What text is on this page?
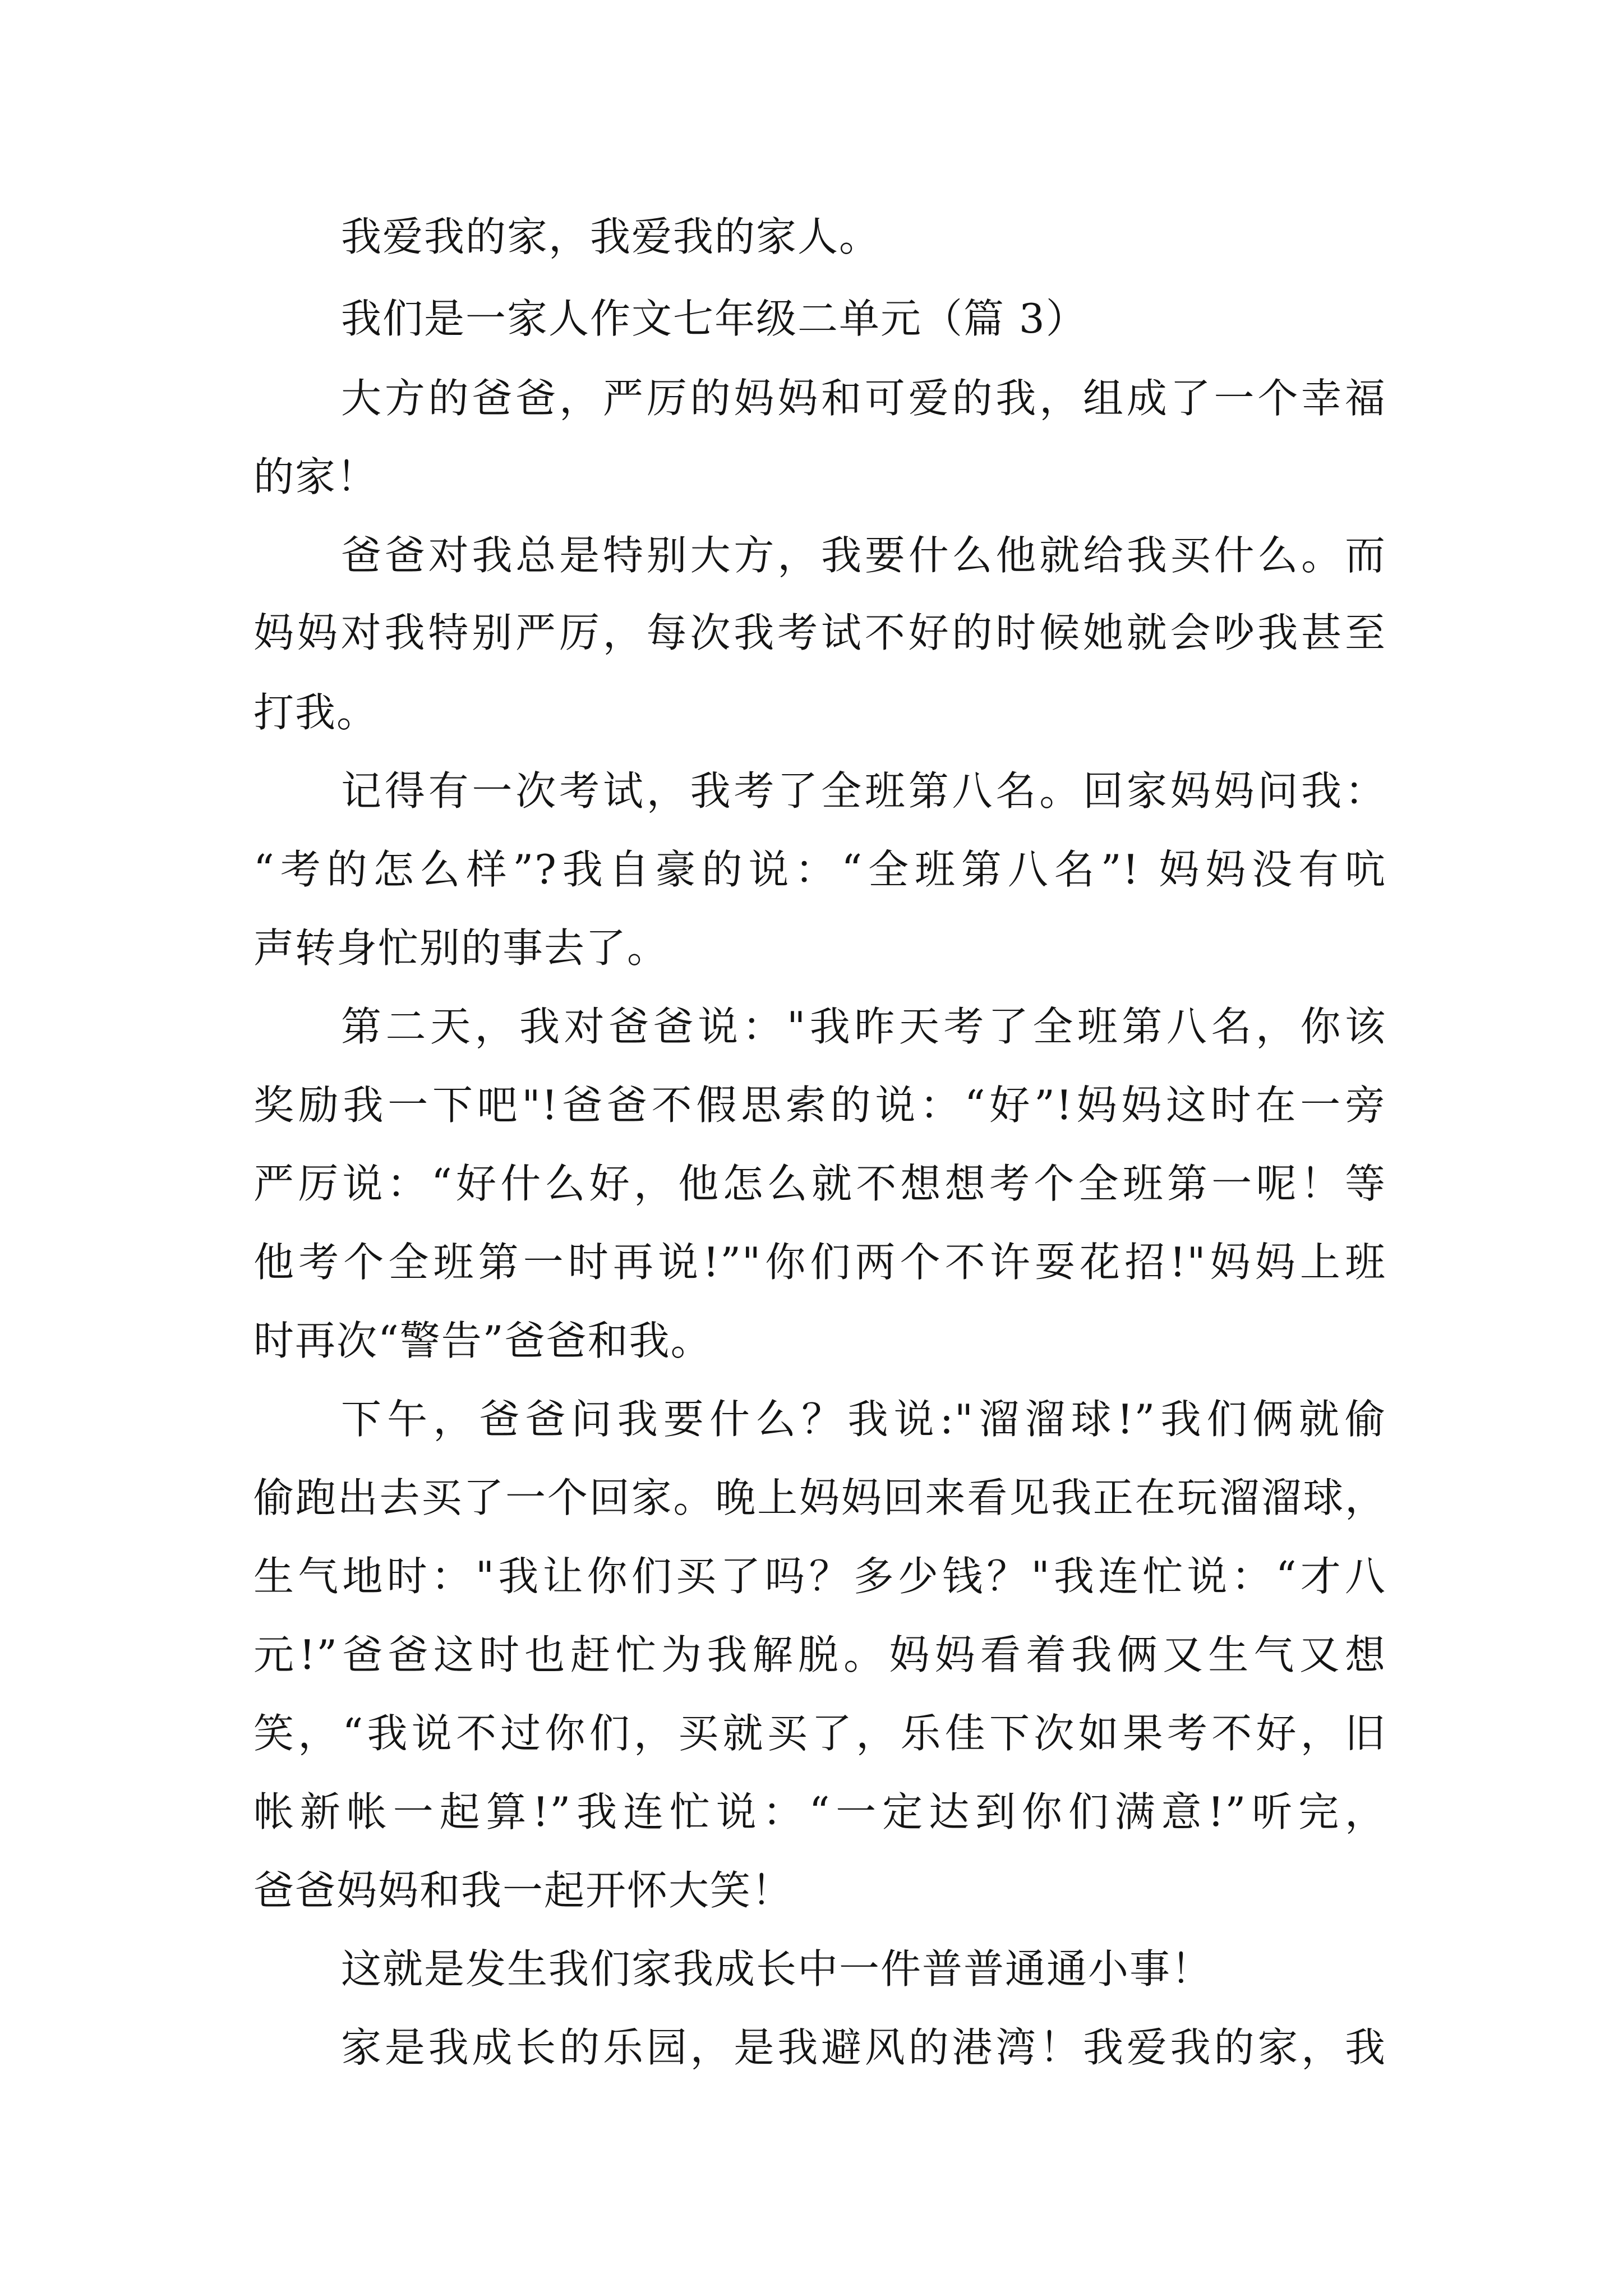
我爱我的家，我爱我的家人。

我们是一家人作文七年级二单元（篇 3）

大方的爸爸，严厉的妈妈和可爱的我，组成了一个幸福

的家！

爸爸对我总是特别大方，我要什么他就给我买什么。而

妈妈对我特别严厉，每次我考试不好的时候她就会吵我甚至

打我。

记得有一次考试，我考了全班第八名。回家妈妈问我：

“考的怎么样”?我自豪的说：“全班第八名”! 妈妈没有吭

声转身忙别的事去了。

第二天，我对爸爸说："我昨天考了全班第八名，你该

奖励我一下吧"!爸爸不假思索的说：“好”!妈妈这时在一旁

严厉说：“好什么好，他怎么就不想想考个全班第一呢！等

他考个全班第一时再说!”"你们两个不许耍花招!"妈妈上班

时再次“警告”爸爸和我。

下午，爸爸问我要什么？我说:"溜溜球!”我们俩就偷

偷跑出去买了一个回家。晚上妈妈回来看见我正在玩溜溜球，

生气地时："我让你们买了吗？多少钱？"我连忙说：“才八

元!”爸爸这时也赶忙为我解脱。妈妈看着我俩又生气又想

笑，“我说不过你们，买就买了，乐佳下次如果考不好，旧

帐新帐一起算!”我连忙说：“一定达到你们满意!”听完，

爸爸妈妈和我一起开怀大笑！

这就是发生我们家我成长中一件普普通通小事！

家是我成长的乐园，是我避风的港湾！我爱我的家，我
